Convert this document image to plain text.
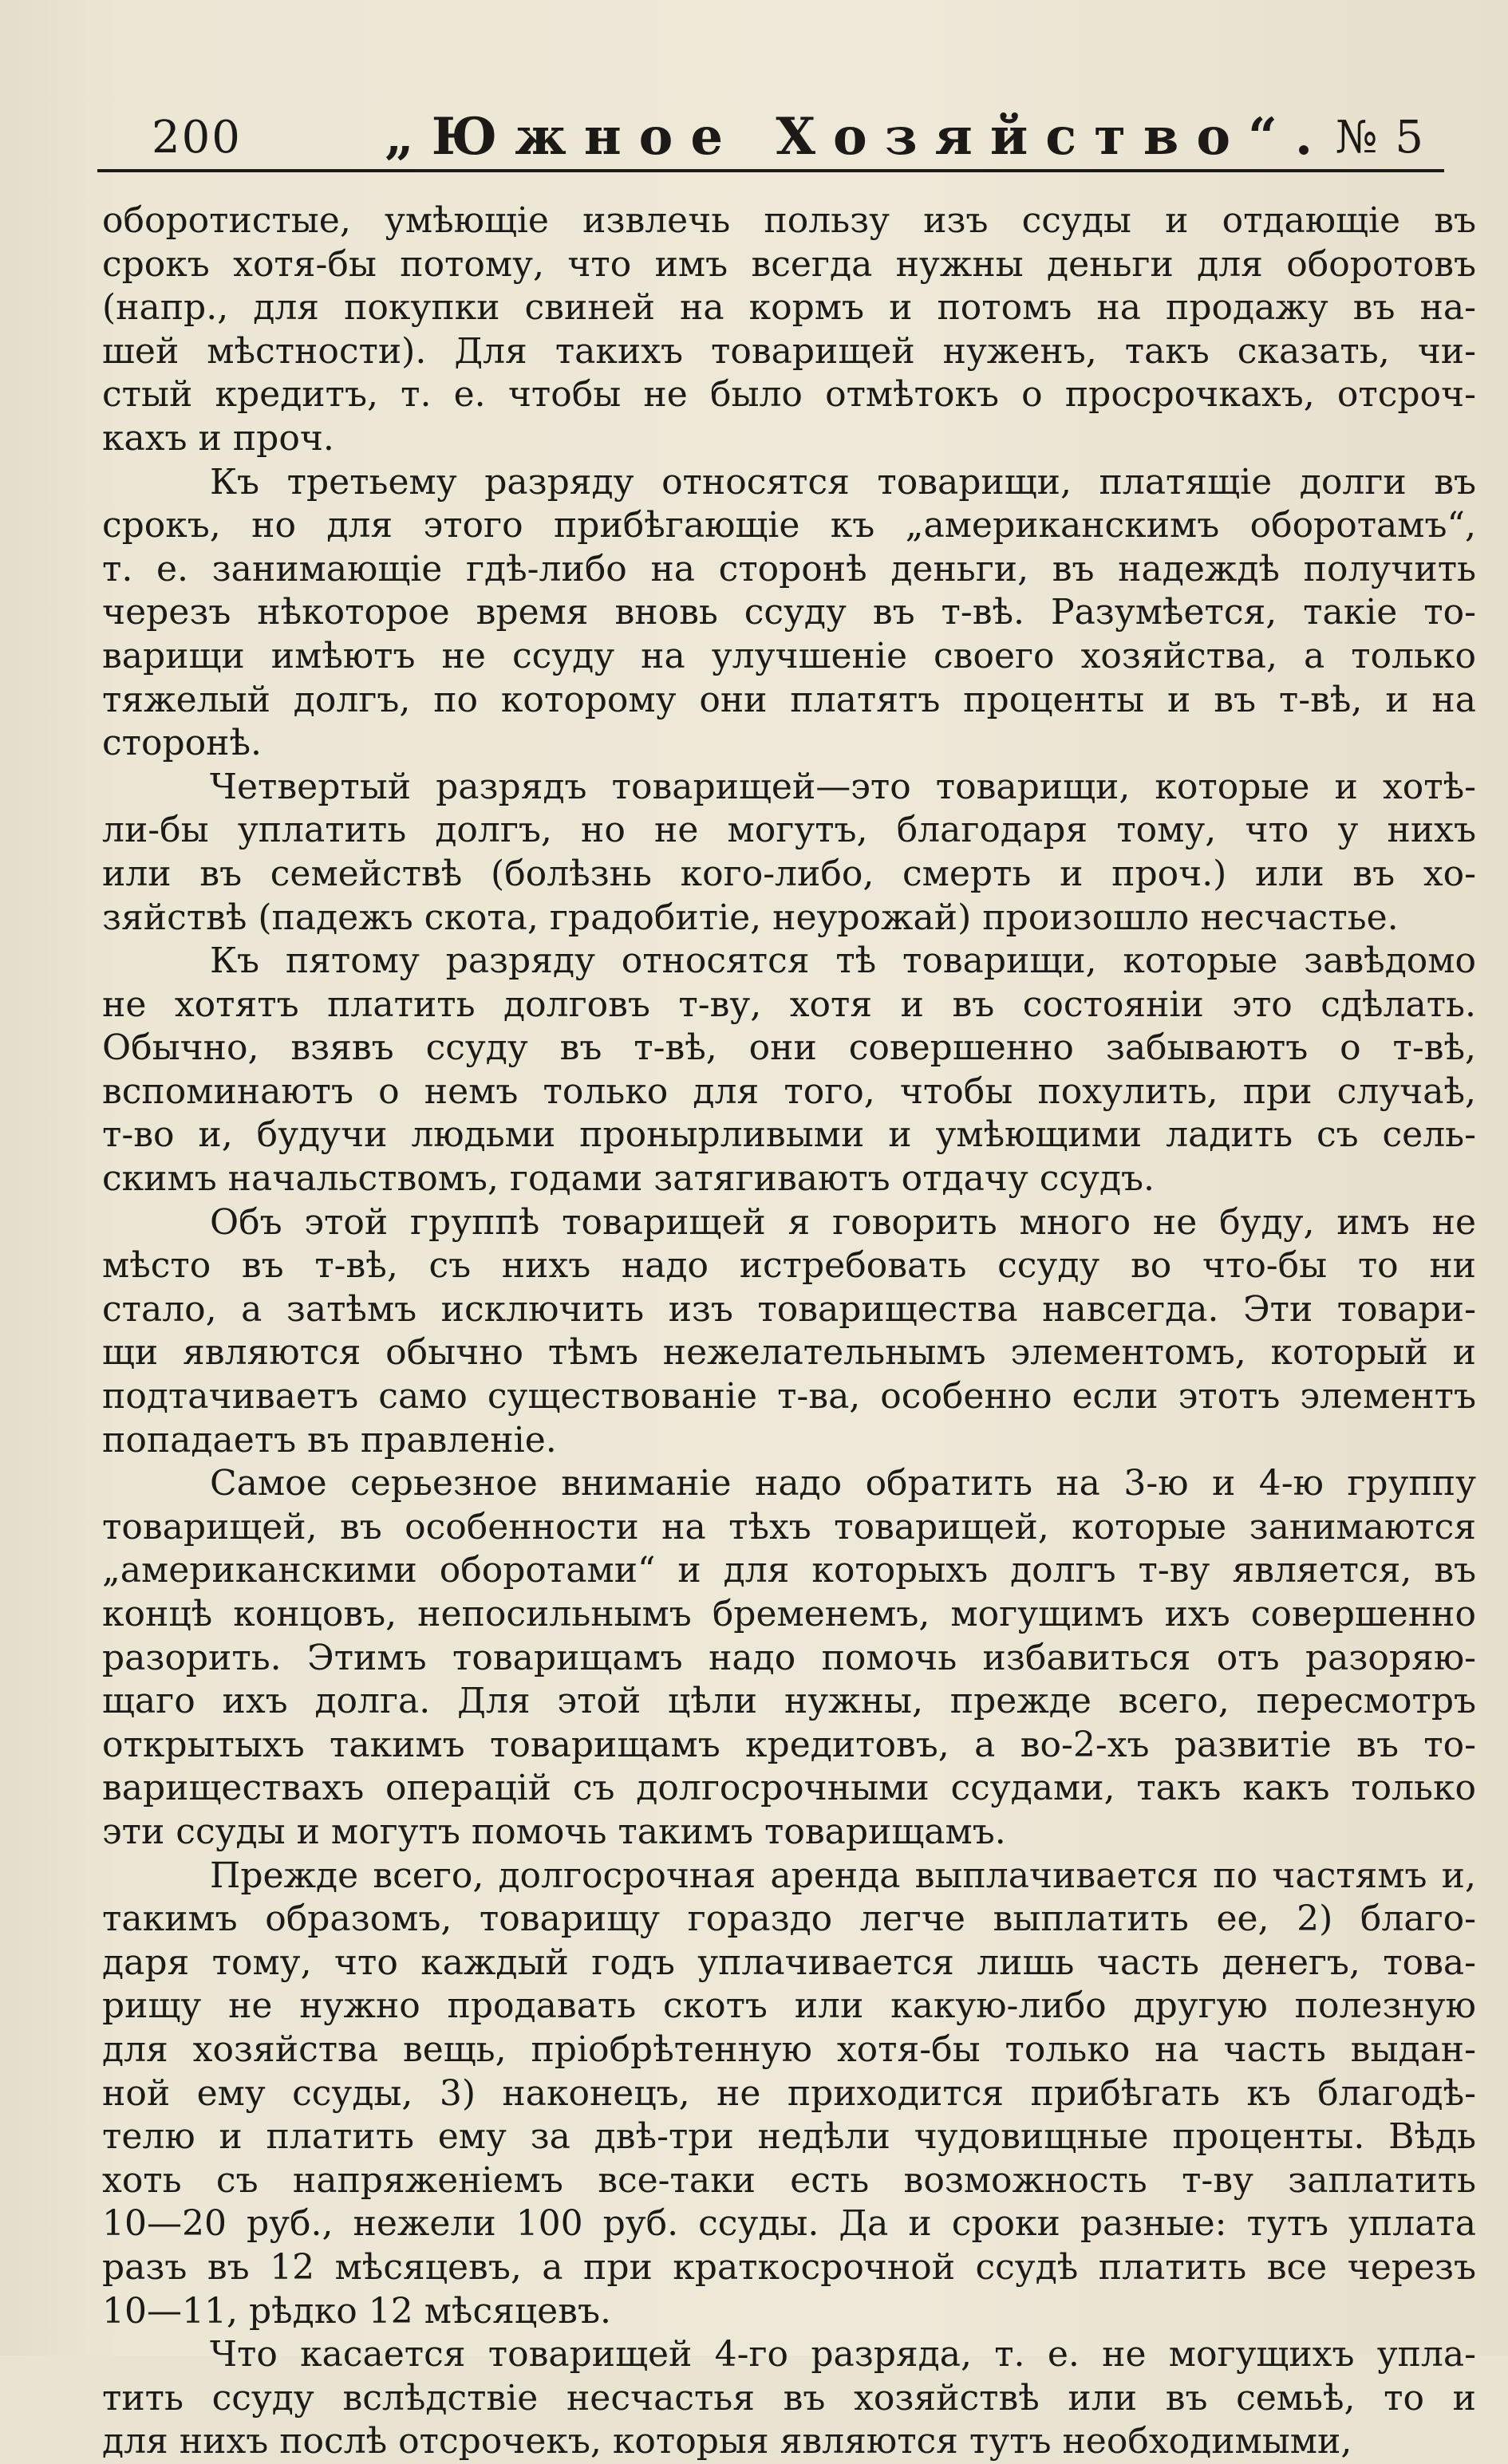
200	„Южное Хозяйство“. № 5
оборотистые, умѣющіе извлечь пользу изъ ссуды и отдающіе въ
срокъ хотя-бы потому, что имъ всегда нужны деньги для оборотовъ
(напр., для покупки свиней на кормъ и потомъ на продажу въ на-
шей мѣстности). Для такихъ товарищей нуженъ, такъ сказать, чи-
стый кредитъ, т. е. чтобы не было отмѣтокъ о просрочкахъ, отсроч-
кахъ и проч.
Къ третьему разряду относятся товарищи, платящіе долги въ
срокъ, но для этого прибѣгающіе къ „американскимъ оборотамъ“,
т. е. занимающіе гдѣ-либо на сторонѣ деньги, въ надеждѣ получить
черезъ нѣкоторое время вновь ссуду въ т-вѣ. Разумѣется, такіе то-
варищи имѣютъ не ссуду на улучшеніе своего хозяйства, а только
тяжелый долгъ, по которому они платятъ проценты и въ т-вѣ, и на
сторонѣ.
Четвертый разрядъ товарищей—это товарищи, которые и хотѣ-
ли-бы уплатить долгъ, но не могутъ, благодаря тому, что у нихъ
или въ семействѣ (болѣзнь кого-либо, смерть и проч.) или въ хо-
зяйствѣ (падежъ скота, градобитіе, неурожай) произошло несчастье.
Къ пятому разряду относятся тѣ товарищи, которые завѣдомо
не хотятъ платить долговъ т-ву, хотя и въ состояніи это сдѣлать.
Обычно, взявъ ссуду въ т-вѣ, они совершенно забываютъ о т-вѣ,
вспоминаютъ о немъ только для того, чтобы похулить, при случаѣ,
т-во и, будучи людьми пронырливыми и умѣющими ладить съ сель-
скимъ начальствомъ, годами затягиваютъ отдачу ссудъ.
Объ этой группѣ товарищей я говорить много не буду, имъ не
мѣсто въ т-вѣ, съ нихъ надо истребовать ссуду во что-бы то ни
стало, а затѣмъ исключить изъ товарищества навсегда. Эти товари-
щи являются обычно тѣмъ нежелательнымъ элементомъ, который и
подтачиваетъ само существованіе т-ва, особенно если этотъ элементъ
попадаетъ въ правленіе.
Самое серьезное вниманіе надо обратить на 3-ю и 4-ю группу
товарищей, въ особенности на тѣхъ товарищей, которые занимаются
„американскими оборотами“ и для которыхъ долгъ т-ву является, въ
концѣ концовъ, непосильнымъ бременемъ, могущимъ ихъ совершенно
разорить. Этимъ товарищамъ надо помочь избавиться отъ разоряю-
щаго ихъ долга. Для этой цѣли нужны, прежде всего, пересмотръ
открытыхъ такимъ товарищамъ кредитовъ, а во-2-хъ развитіе въ то-
вариществахъ операцій съ долгосрочными ссудами, такъ какъ только
эти ссуды и могутъ помочь такимъ товарищамъ.
Прежде всего, долгосрочная аренда выплачивается по частямъ и,
такимъ образомъ, товарищу гораздо легче выплатить ее, 2) благо-
даря тому, что каждый годъ уплачивается лишь часть денегъ, това-
рищу не нужно продавать скотъ или какую-либо другую полезную
для хозяйства вещь, пріобрѣтенную хотя-бы только на часть выдан-
ной ему ссуды, 3) наконецъ, не приходится прибѣгать къ благодѣ-
телю и платить ему за двѣ-три недѣли чудовищные проценты. Вѣдь
хоть съ напряженіемъ все-таки есть возможность т-ву заплатить
10—20 руб., нежели 100 руб. ссуды. Да и сроки разные: тутъ уплата
разъ въ 12 мѣсяцевъ, а при краткосрочной ссудѣ платить все черезъ
10—11, рѣдко 12 мѣсяцевъ.
Что касается товарищей 4-го разряда, т. е. не могущихъ упла-
тить ссуду вслѣдствіе несчастья въ хозяйствѣ или въ семьѣ, то и
для нихъ послѣ отсрочекъ, которыя являются тутъ необходимыми,
